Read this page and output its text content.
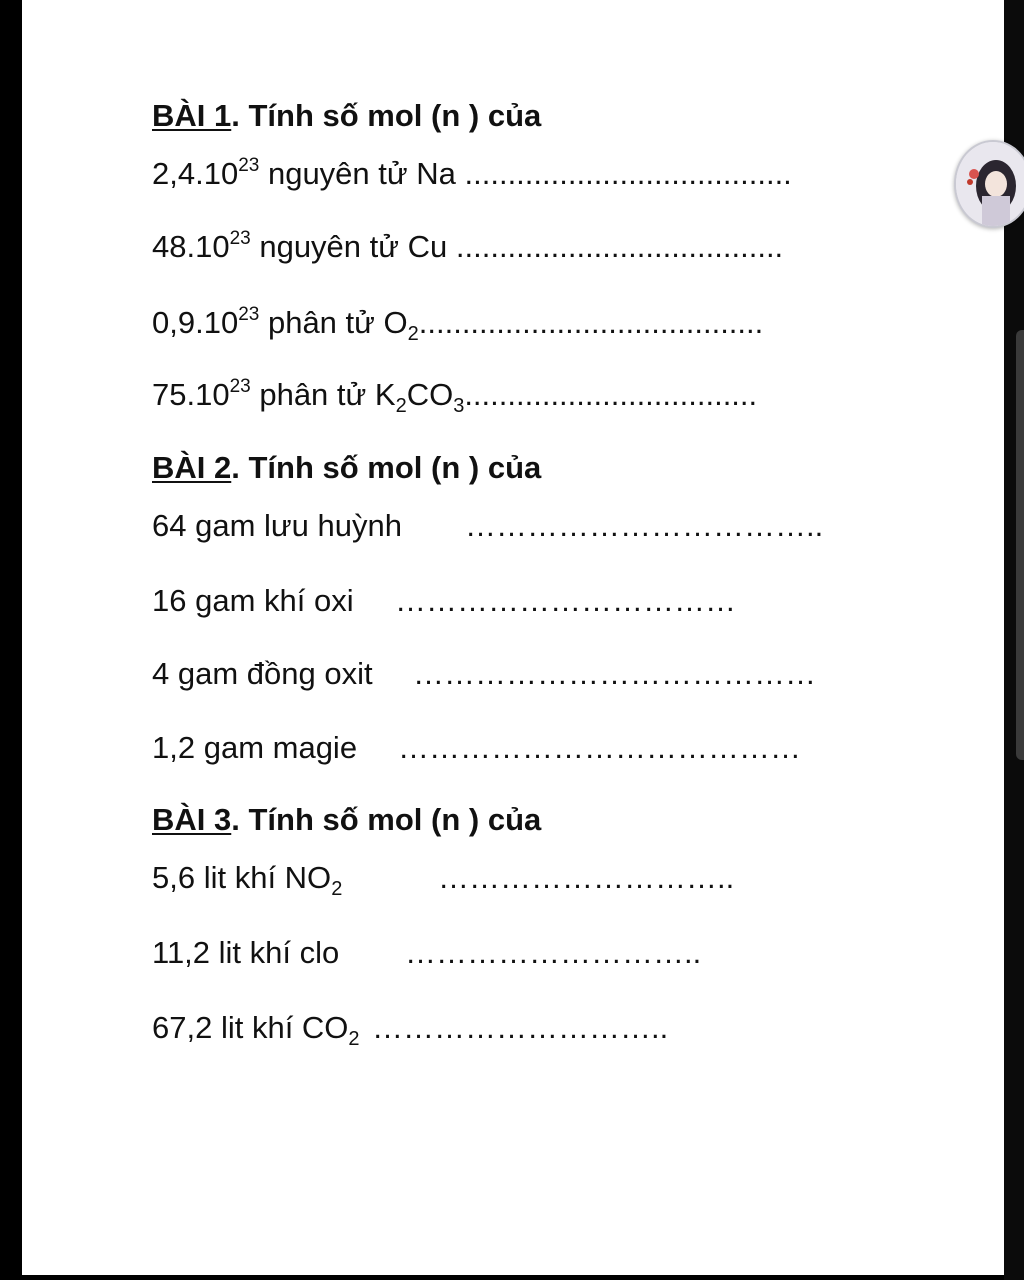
BÀI 1. Tính số mol (n ) của
2,4.10$^{23}$ nguyên tử Na ......................................
48.10$^{23}$ nguyên tử Cu ......................................
0,9.10$^{23}$ phân tử $O_2$........................................
75.10$^{23}$ phân tử $K_2CO_3$..................................
BÀI 2. Tính số mol (n ) của
64 gam lưu huỳnh ……………………………..
16 gam khí oxi ……………………………
4 gam đồng oxit …………………………………
1,2 gam magie …………………………………
BÀI 3. Tính số mol (n ) của
5,6 lit khí $NO_2$	………………………..
11,2 lit khí clo ………………………..
67,2 lit khí $CO_2$ ………………………..
